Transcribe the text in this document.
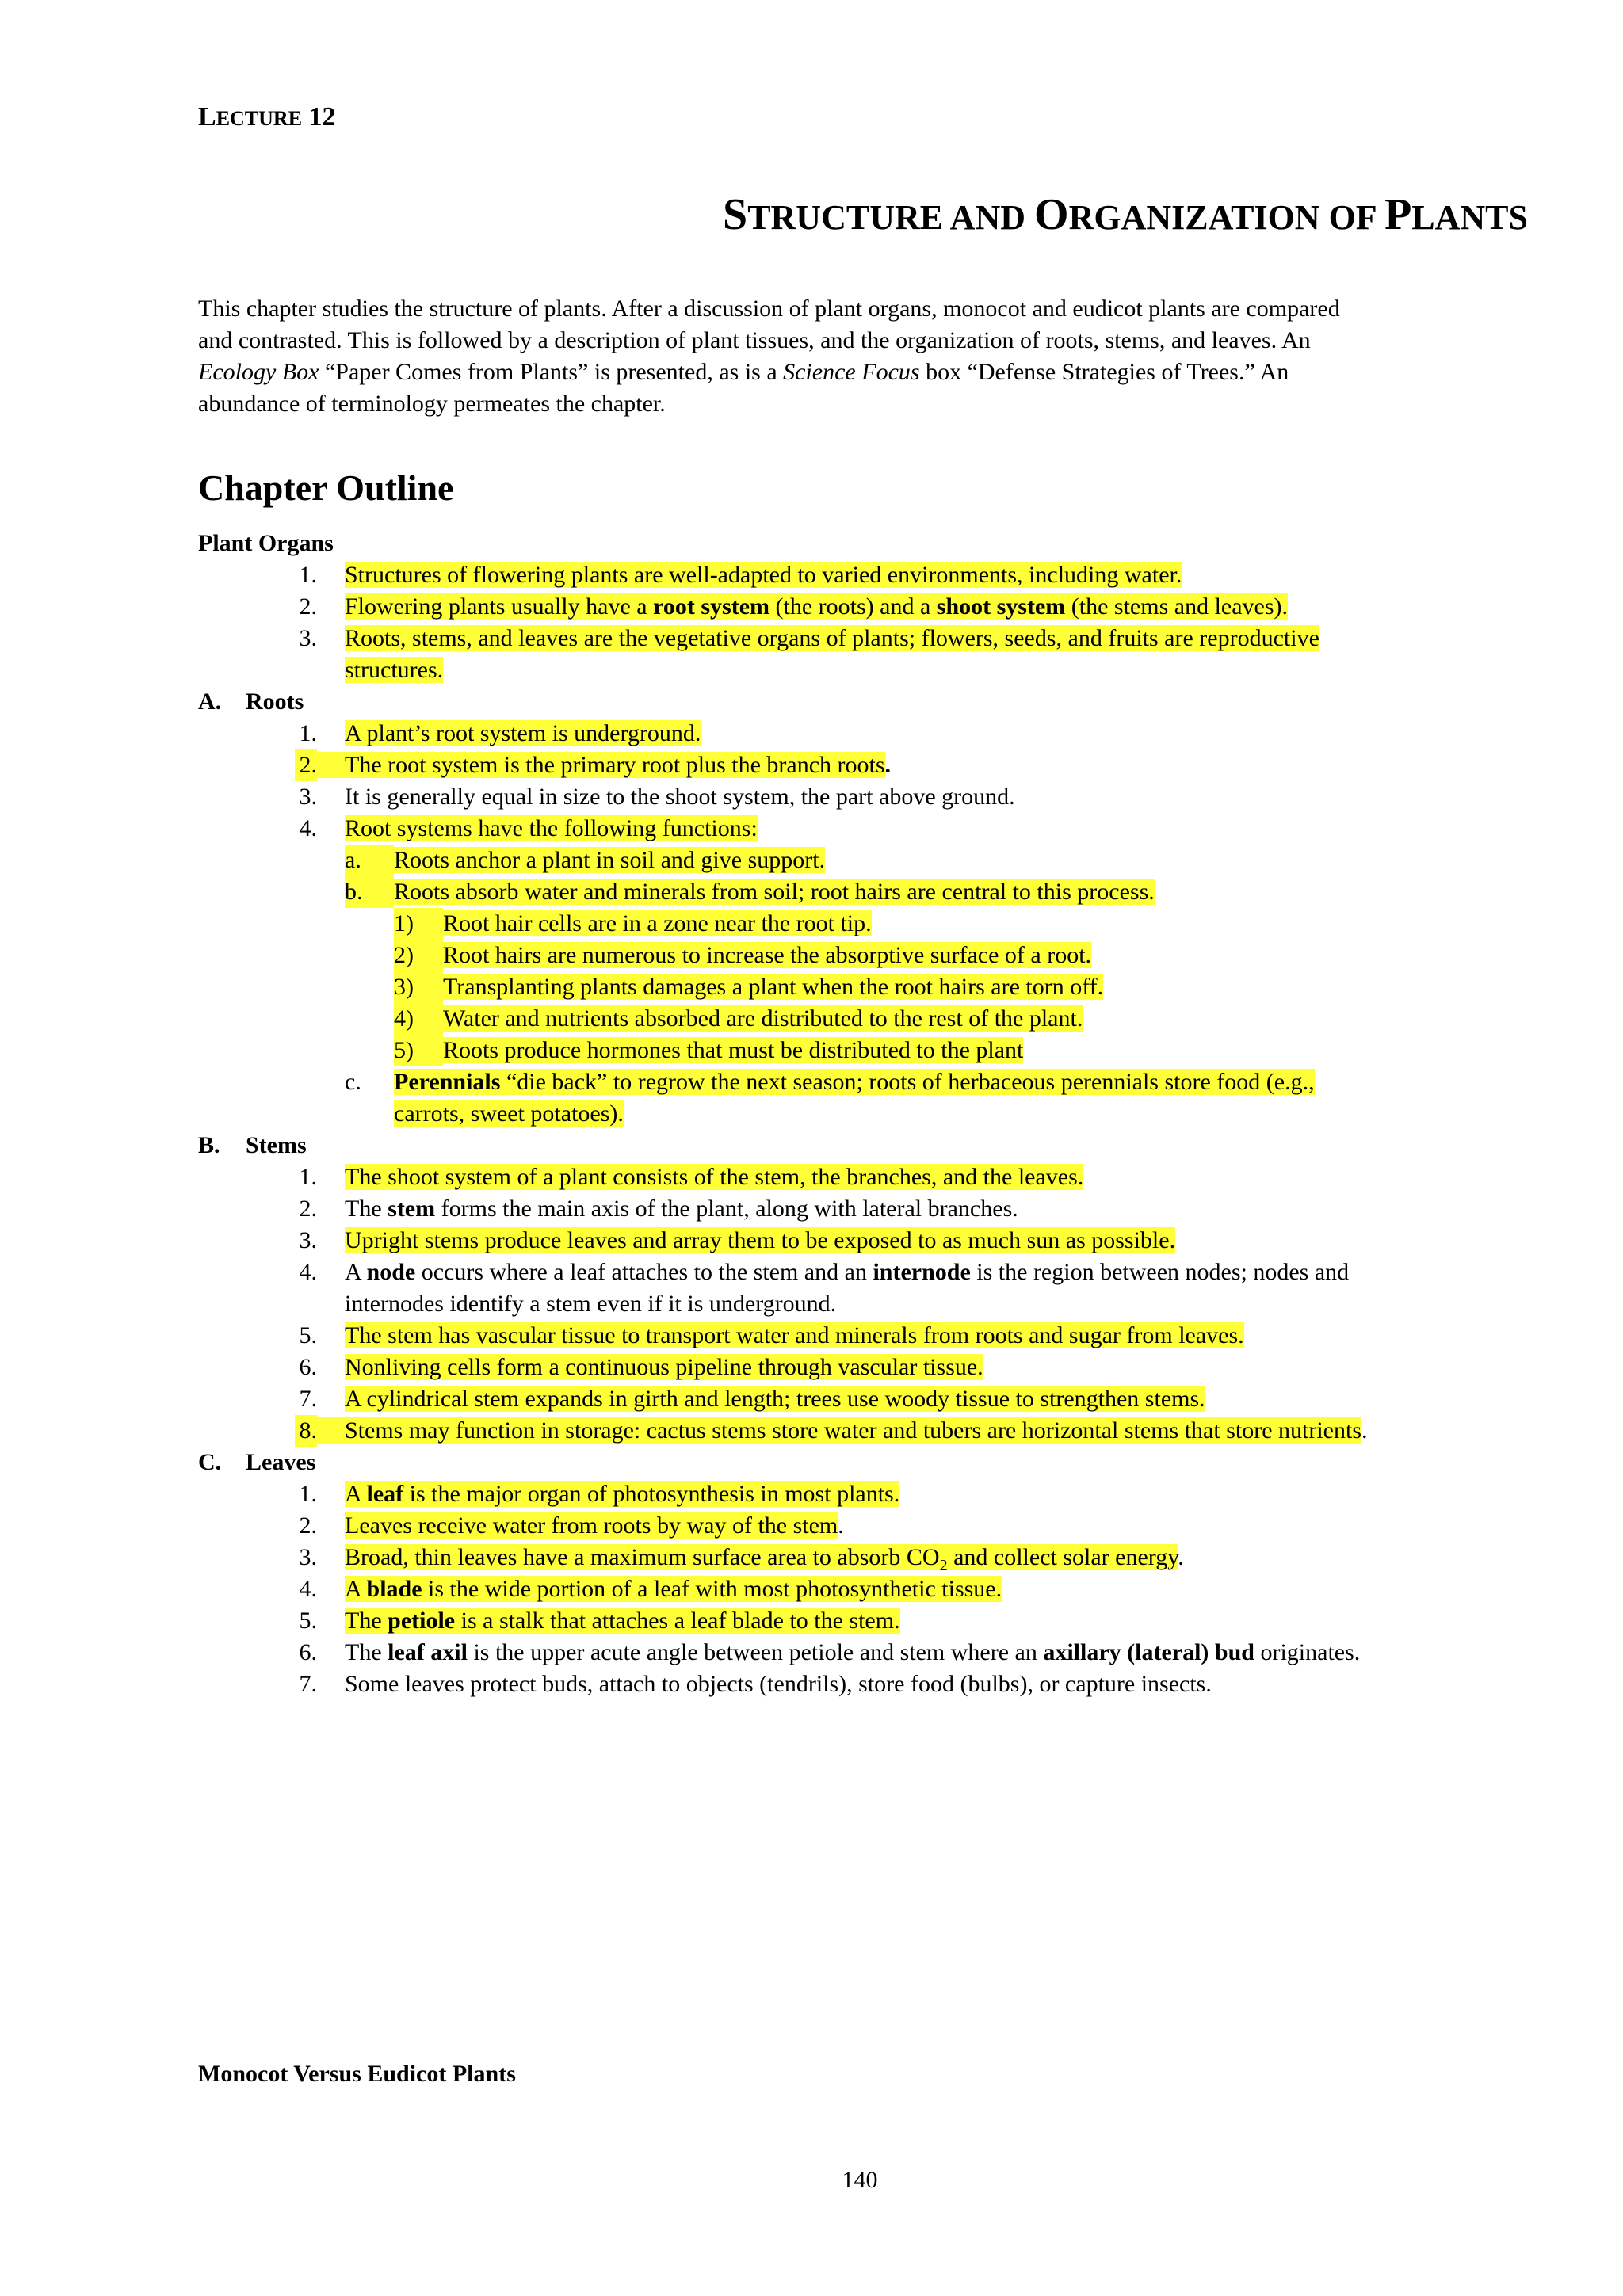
LECTURE 12
STRUCTURE AND ORGANIZATION OF PLANTS
This chapter studies the structure of plants. After a discussion of plant organs, monocot and eudicot plants are compared
and contrasted. This is followed by a description of plant tissues, and the organization of roots, stems, and leaves. An
Ecology Box “Paper Comes from Plants” is presented, as is a Science Focus box “Defense Strategies of Trees.” An
abundance of terminology permeates the chapter.
Chapter Outline
Plant Organs
1. Structures of flowering plants are well-adapted to varied environments, including water.
2. Flowering plants usually have a root system (the roots) and a shoot system (the stems and leaves).
3. Roots, stems, and leaves are the vegetative organs of plants; flowers, seeds, and fruits are reproductive
structures.
A. Roots
1. A plant’s root system is underground.
2.	The root system is the primary root plus the branch roots.
3. It is generally equal in size to the shoot system, the part above ground.
4. Root systems have the following functions:
a.	Roots anchor a plant in soil and give support.
b.	Roots absorb water and minerals from soil; root hairs are central to this process.
1)	Root hair cells are in a zone near the root tip.
2)	Root hairs are numerous to increase the absorptive surface of a root.
3)	Transplanting plants damages a plant when the root hairs are torn off.
4)	Water and nutrients absorbed are distributed to the rest of the plant.
5)	Roots produce hormones that must be distributed to the plant
c. Perennials “die back” to regrow the next season; roots of herbaceous perennials store food (e.g.,
carrots, sweet potatoes).
B. Stems
1. The shoot system of a plant consists of the stem, the branches, and the leaves.
2. The stem forms the main axis of the plant, along with lateral branches.
3. Upright stems produce leaves and array them to be exposed to as much sun as possible.
4. A node occurs where a leaf attaches to the stem and an internode is the region between nodes; nodes and
internodes identify a stem even if it is underground.
5. The stem has vascular tissue to transport water and minerals from roots and sugar from leaves.
6. Nonliving cells form a continuous pipeline through vascular tissue.
7. A cylindrical stem expands in girth and length; trees use woody tissue to strengthen stems.
8.	Stems may function in storage: cactus stems store water and tubers are horizontal stems that store nutrients.
C. Leaves
1. A leaf is the major organ of photosynthesis in most plants.
2. Leaves receive water from roots by way of the stem.
3. Broad, thin leaves have a maximum surface area to absorb $CO_2$ and collect solar energy.
4. A blade is the wide portion of a leaf with most photosynthetic tissue.
5. The petiole is a stalk that attaches a leaf blade to the stem.
6. The leaf axil is the upper acute angle between petiole and stem where an axillary (lateral) bud originates.
7. Some leaves protect buds, attach to objects (tendrils), store food (bulbs), or capture insects.
Monocot Versus Eudicot Plants
140
